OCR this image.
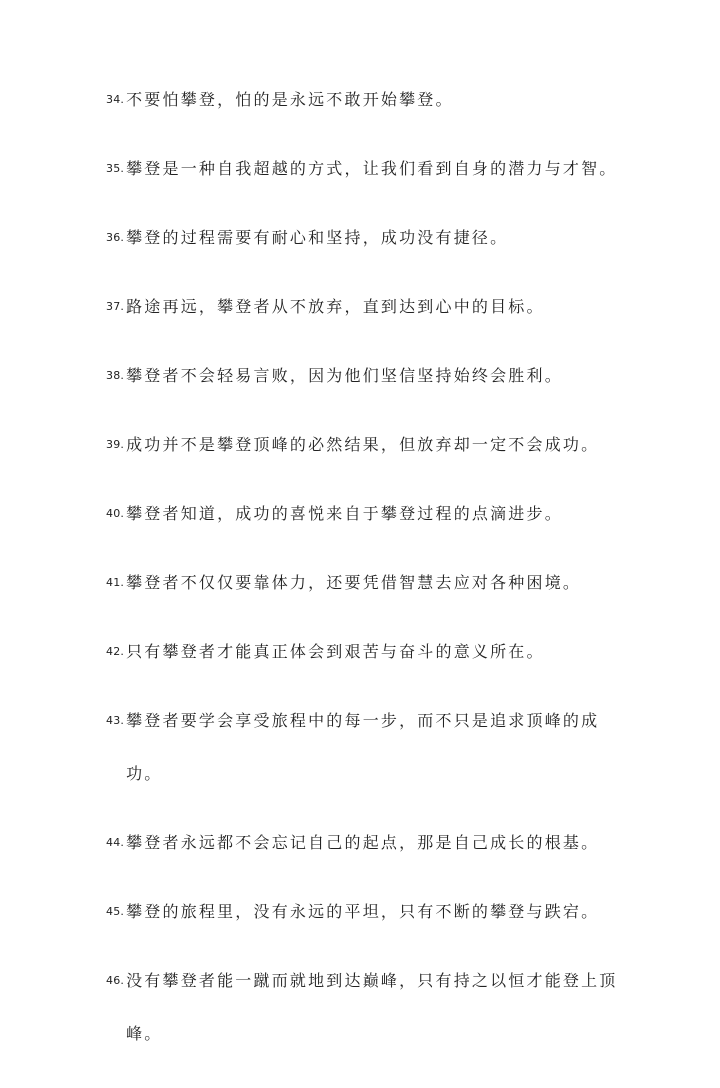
34. 不要怕攀登，怕的是永远不敢开始攀登。
35. 攀登是一种自我超越的方式，让我们看到自身的潜力与才智。
36. 攀登的过程需要有耐心和坚持，成功没有捷径。
37. 路途再远，攀登者从不放弃，直到达到心中的目标。
38. 攀登者不会轻易言败，因为他们坚信坚持始终会胜利。
39. 成功并不是攀登顶峰的必然结果，但放弃却一定不会成功。
40. 攀登者知道，成功的喜悦来自于攀登过程的点滴进步。
41. 攀登者不仅仅要靠体力，还要凭借智慧去应对各种困境。
42. 只有攀登者才能真正体会到艰苦与奋斗的意义所在。
43. 攀登者要学会享受旅程中的每一步，而不只是追求顶峰的成功。
44. 攀登者永远都不会忘记自己的起点，那是自己成长的根基。
45. 攀登的旅程里，没有永远的平坦，只有不断的攀登与跌宕。
46. 没有攀登者能一蹴而就地到达巅峰，只有持之以恒才能登上顶峰。
